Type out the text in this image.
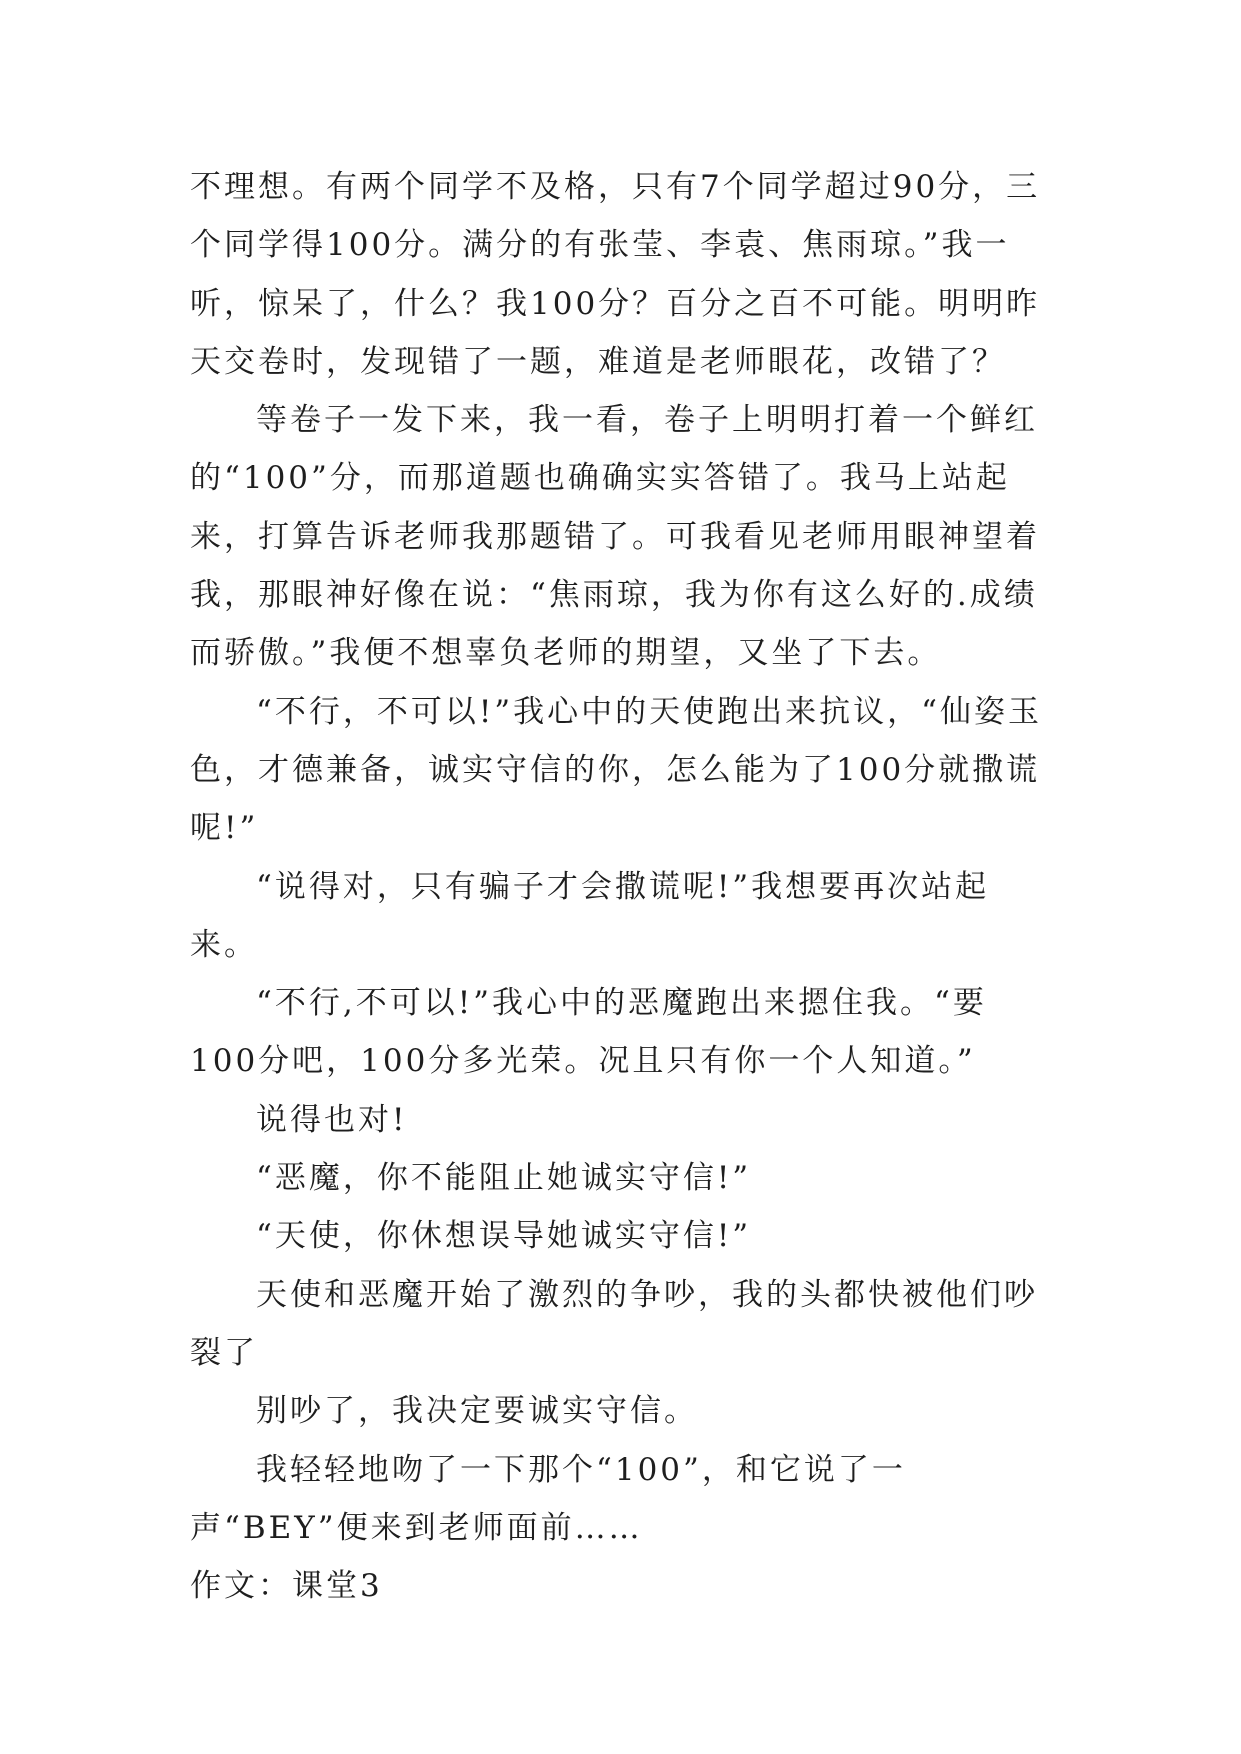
不理想。有两个同学不及格，只有7个同学超过90分，三个同学得100分。满分的有张莹、李袁、焦雨琼。”我一听，惊呆了，什么？我100分？百分之百不可能。明明昨天交卷时，发现错了一题，难道是老师眼花，改错了？

等卷子一发下来，我一看，卷子上明明打着一个鲜红的“100”分，而那道题也确确实实答错了。我马上站起来，打算告诉老师我那题错了。可我看见老师用眼神望着我，那眼神好像在说：“焦雨琼，我为你有这么好的.成绩而骄傲。”我便不想辜负老师的期望，又坐了下去。

“不行，不可以!”我心中的天使跑出来抗议，“仙姿玉色，才德兼备，诚实守信的你，怎么能为了100分就撒谎呢!”

“说得对，只有骗子才会撒谎呢!”我想要再次站起来。

“不行,不可以!”我心中的恶魔跑出来摁住我。“要100分吧，100分多光荣。况且只有你一个人知道。”

说得也对!

“恶魔，你不能阻止她诚实守信!”

“天使，你休想误导她诚实守信!”

天使和恶魔开始了激烈的争吵，我的头都快被他们吵裂了

别吵了，我决定要诚实守信。

我轻轻地吻了一下那个“100”，和它说了一声“BEY”便来到老师面前……

作文：课堂3
